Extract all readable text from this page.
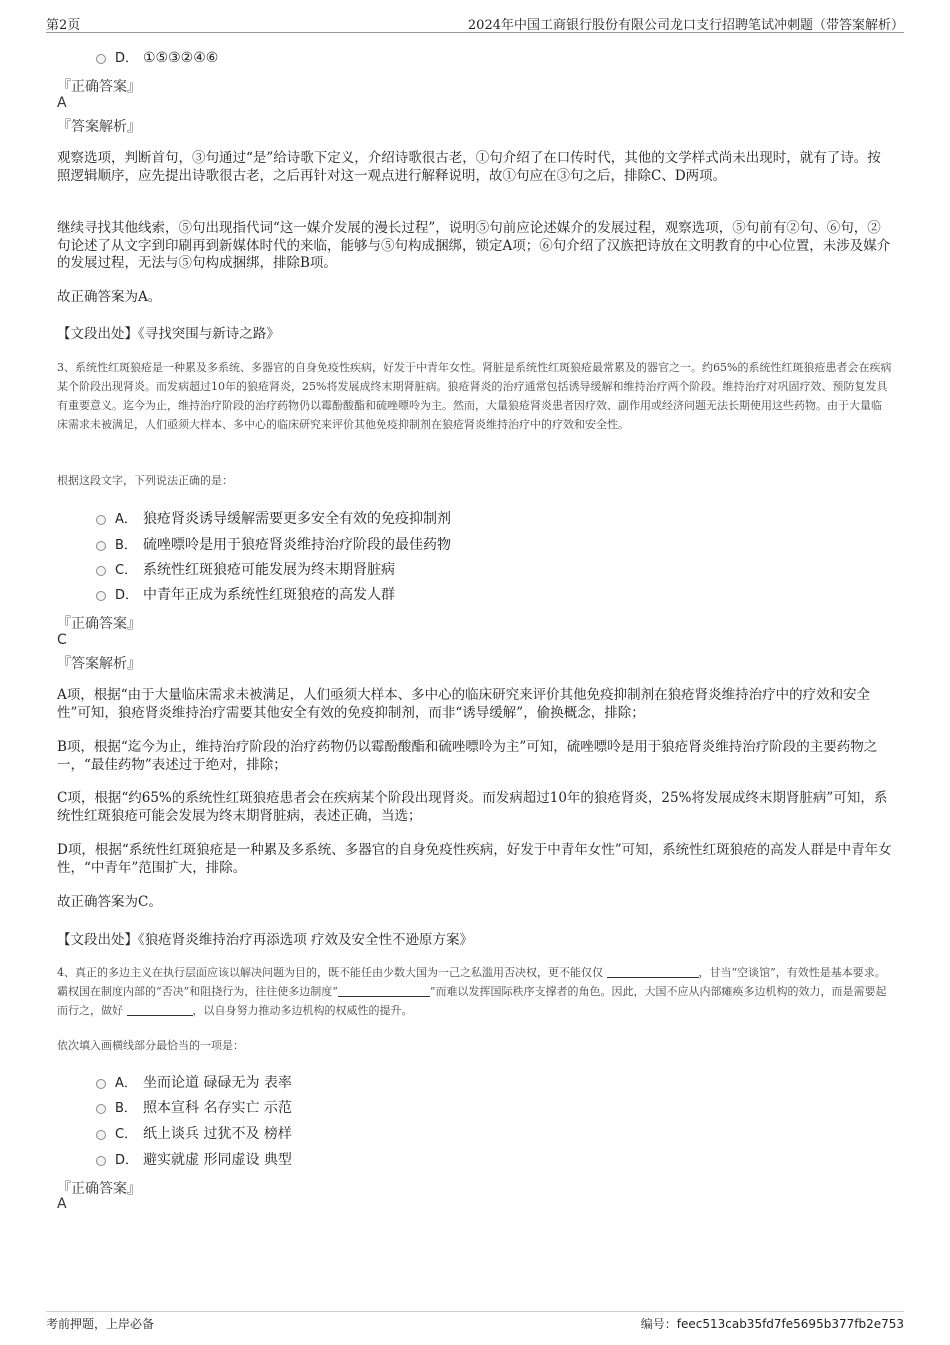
第2页	2024年中国工商银行股份有限公司龙口支行招聘笔试冲刺题（带答案解析）
D． ①⑤③②④⑥
『正确答案』
A
『答案解析』
观察选项，判断首句，③句通过“是”给诗歌下定义，介绍诗歌很古老，①句介绍了在口传时代，其他的文学样式尚未出现时，就有了诗。按照逻辑顺序，应先提出诗歌很古老，之后再针对这一观点进行解释说明，故①句应在③句之后，排除C、D两项。
继续寻找其他线索，⑤句出现指代词“这一媒介发展的漫长过程”，说明⑤句前应论述媒介的发展过程，观察选项，⑤句前有②句、⑥句，②句论述了从文字到印刷再到新媒体时代的来临，能够与⑤句构成捆绑，锁定A项；⑥句介绍了汉族把诗放在文明教育的中心位置，未涉及媒介的发展过程，无法与⑤句构成捆绑，排除B项。
故正确答案为A。
【文段出处】《寻找突围与新诗之路》
3、系统性红斑狼疮是一种累及多系统、多器官的自身免疫性疾病，好发于中青年女性。肾脏是系统性红斑狼疮最常累及的器官之一。约65%的系统性红斑狼疮患者会在疾病某个阶段出现肾炎。而发病超过10年的狼疮肾炎，25%将发展成终末期肾脏病。狼疮肾炎的治疗通常包括诱导缓解和维持治疗两个阶段。维持治疗对巩固疗效、预防复发具有重要意义。迄今为止，维持治疗阶段的治疗药物仍以霉酚酸酯和硫唑嘌呤为主。然而，大量狼疮肾炎患者因疗效、副作用或经济问题无法长期使用这些药物。由于大量临床需求未被满足，人们亟须大样本、多中心的临床研究来评价其他免疫抑制剂在狼疮肾炎维持治疗中的疗效和安全性。
根据这段文字，下列说法正确的是：
A． 狼疮肾炎诱导缓解需要更多安全有效的免疫抑制剂
B． 硫唑嘌呤是用于狼疮肾炎维持治疗阶段的最佳药物
C． 系统性红斑狼疮可能发展为终末期肾脏病
D． 中青年正成为系统性红斑狼疮的高发人群
『正确答案』
C
『答案解析』
A项，根据“由于大量临床需求未被满足，人们亟须大样本、多中心的临床研究来评价其他免疫抑制剂在狼疮肾炎维持治疗中的疗效和安全性”可知，狼疮肾炎维持治疗需要其他安全有效的免疫抑制剂，而非“诱导缓解”，偷换概念，排除；
B项，根据“迄今为止，维持治疗阶段的治疗药物仍以霉酚酸酯和硫唑嘌呤为主”可知，硫唑嘌呤是用于狼疮肾炎维持治疗阶段的主要药物之一，“最佳药物”表述过于绝对，排除；
C项，根据“约65%的系统性红斑狼疮患者会在疾病某个阶段出现肾炎。而发病超过10年的狼疮肾炎，25%将发展成终末期肾脏病”可知，系统性红斑狼疮可能会发展为终末期肾脏病，表述正确，当选；
D项，根据“系统性红斑狼疮是一种累及多系统、多器官的自身免疫性疾病，好发于中青年女性”可知，系统性红斑狼疮的高发人群是中青年女性，“中青年”范围扩大，排除。
故正确答案为C。
【文段出处】《狼疮肾炎维持治疗再添选项 疗效及安全性不逊原方案》
4、真正的多边主义在执行层面应该以解决问题为目的，既不能任由少数大国为一己之私滥用否决权，更不能仅仅	，甘当“空谈馆”，有效性是基本要求。霸权国在制度内部的“否决”和阻挠行为，往往使多边制度“	”而难以发挥国际秩序支撑者的角色。因此，大国不应从内部瘫痪多边机构的效力，而是需要起而行之，做好	，以自身努力推动多边机构的权威性的提升。
依次填入画横线部分最恰当的一项是：
A． 坐而论道 碌碌无为 表率
B． 照本宣科 名存实亡 示范
C． 纸上谈兵 过犹不及 榜样
D． 避实就虚 形同虚设 典型
『正确答案』
A
考前押题，上岸必备	编号：feec513cab35fd7fe5695b377fb2e753
